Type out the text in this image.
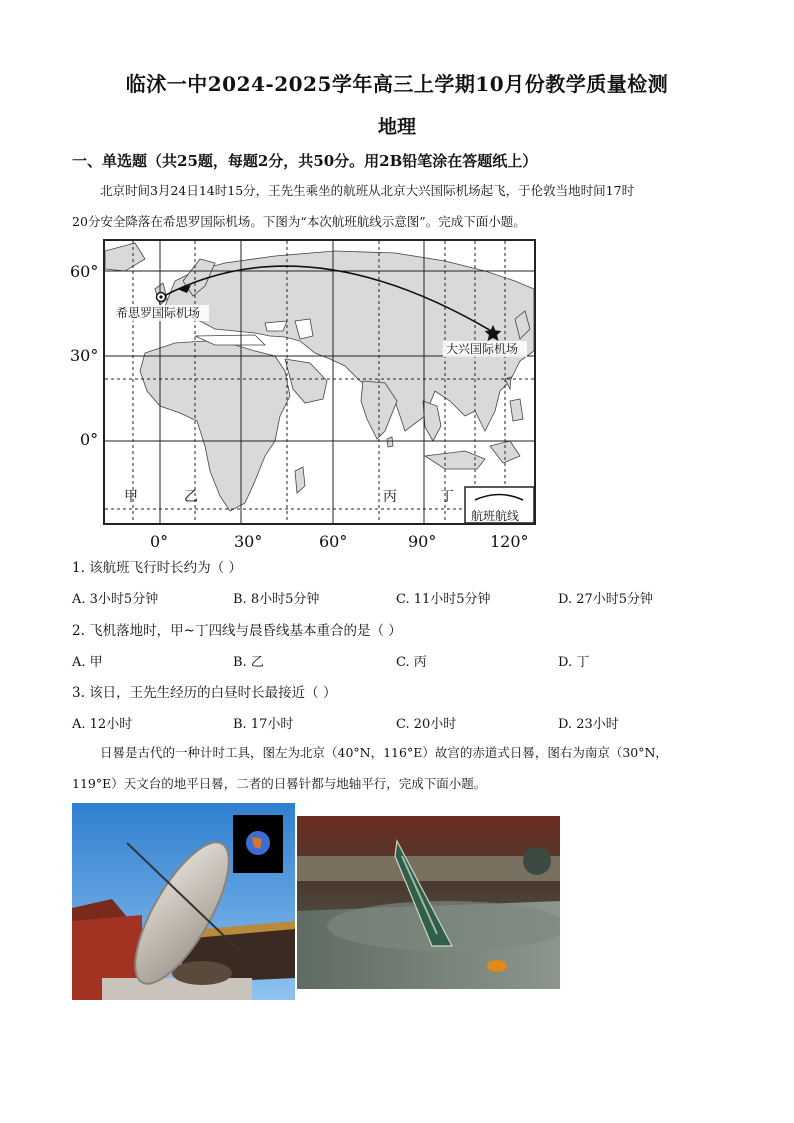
临沭一中2024-2025学年高三上学期10月份教学质量检测
地理
一、单选题（共25题，每题2分，共50分。用2B铅笔涂在答题纸上）
北京时间3月24日14时15分，王先生乘坐的航班从北京大兴国际机场起飞，于伦敦当地时间17时
20分安全降落在希思罗国际机场。下图为“本次航班航线示意图”。完成下面小题。
希思罗国际机场
大兴国际机场
航班航线
60°
30°
0°
0°	30°	60°	90°	120°
甲	乙	丙	丁
1. 该航班飞行时长约为（ ）
A. 3小时5分钟	B. 8小时5分钟	C. 11小时5分钟	D. 27小时5分钟
2. 飞机落地时，甲~丁四线与晨昏线基本重合的是（ ）
A. 甲	B. 乙	C. 丙	D. 丁
3. 该日，王先生经历的白昼时长最接近（ ）
A. 12小时	B. 17小时	C. 20小时	D. 23小时
日晷是古代的一种计时工具，图左为北京（40°N，116°E）故宫的赤道式日晷，图右为南京（30°N，
119°E）天文台的地平日晷，二者的日晷针都与地轴平行，完成下面小题。
